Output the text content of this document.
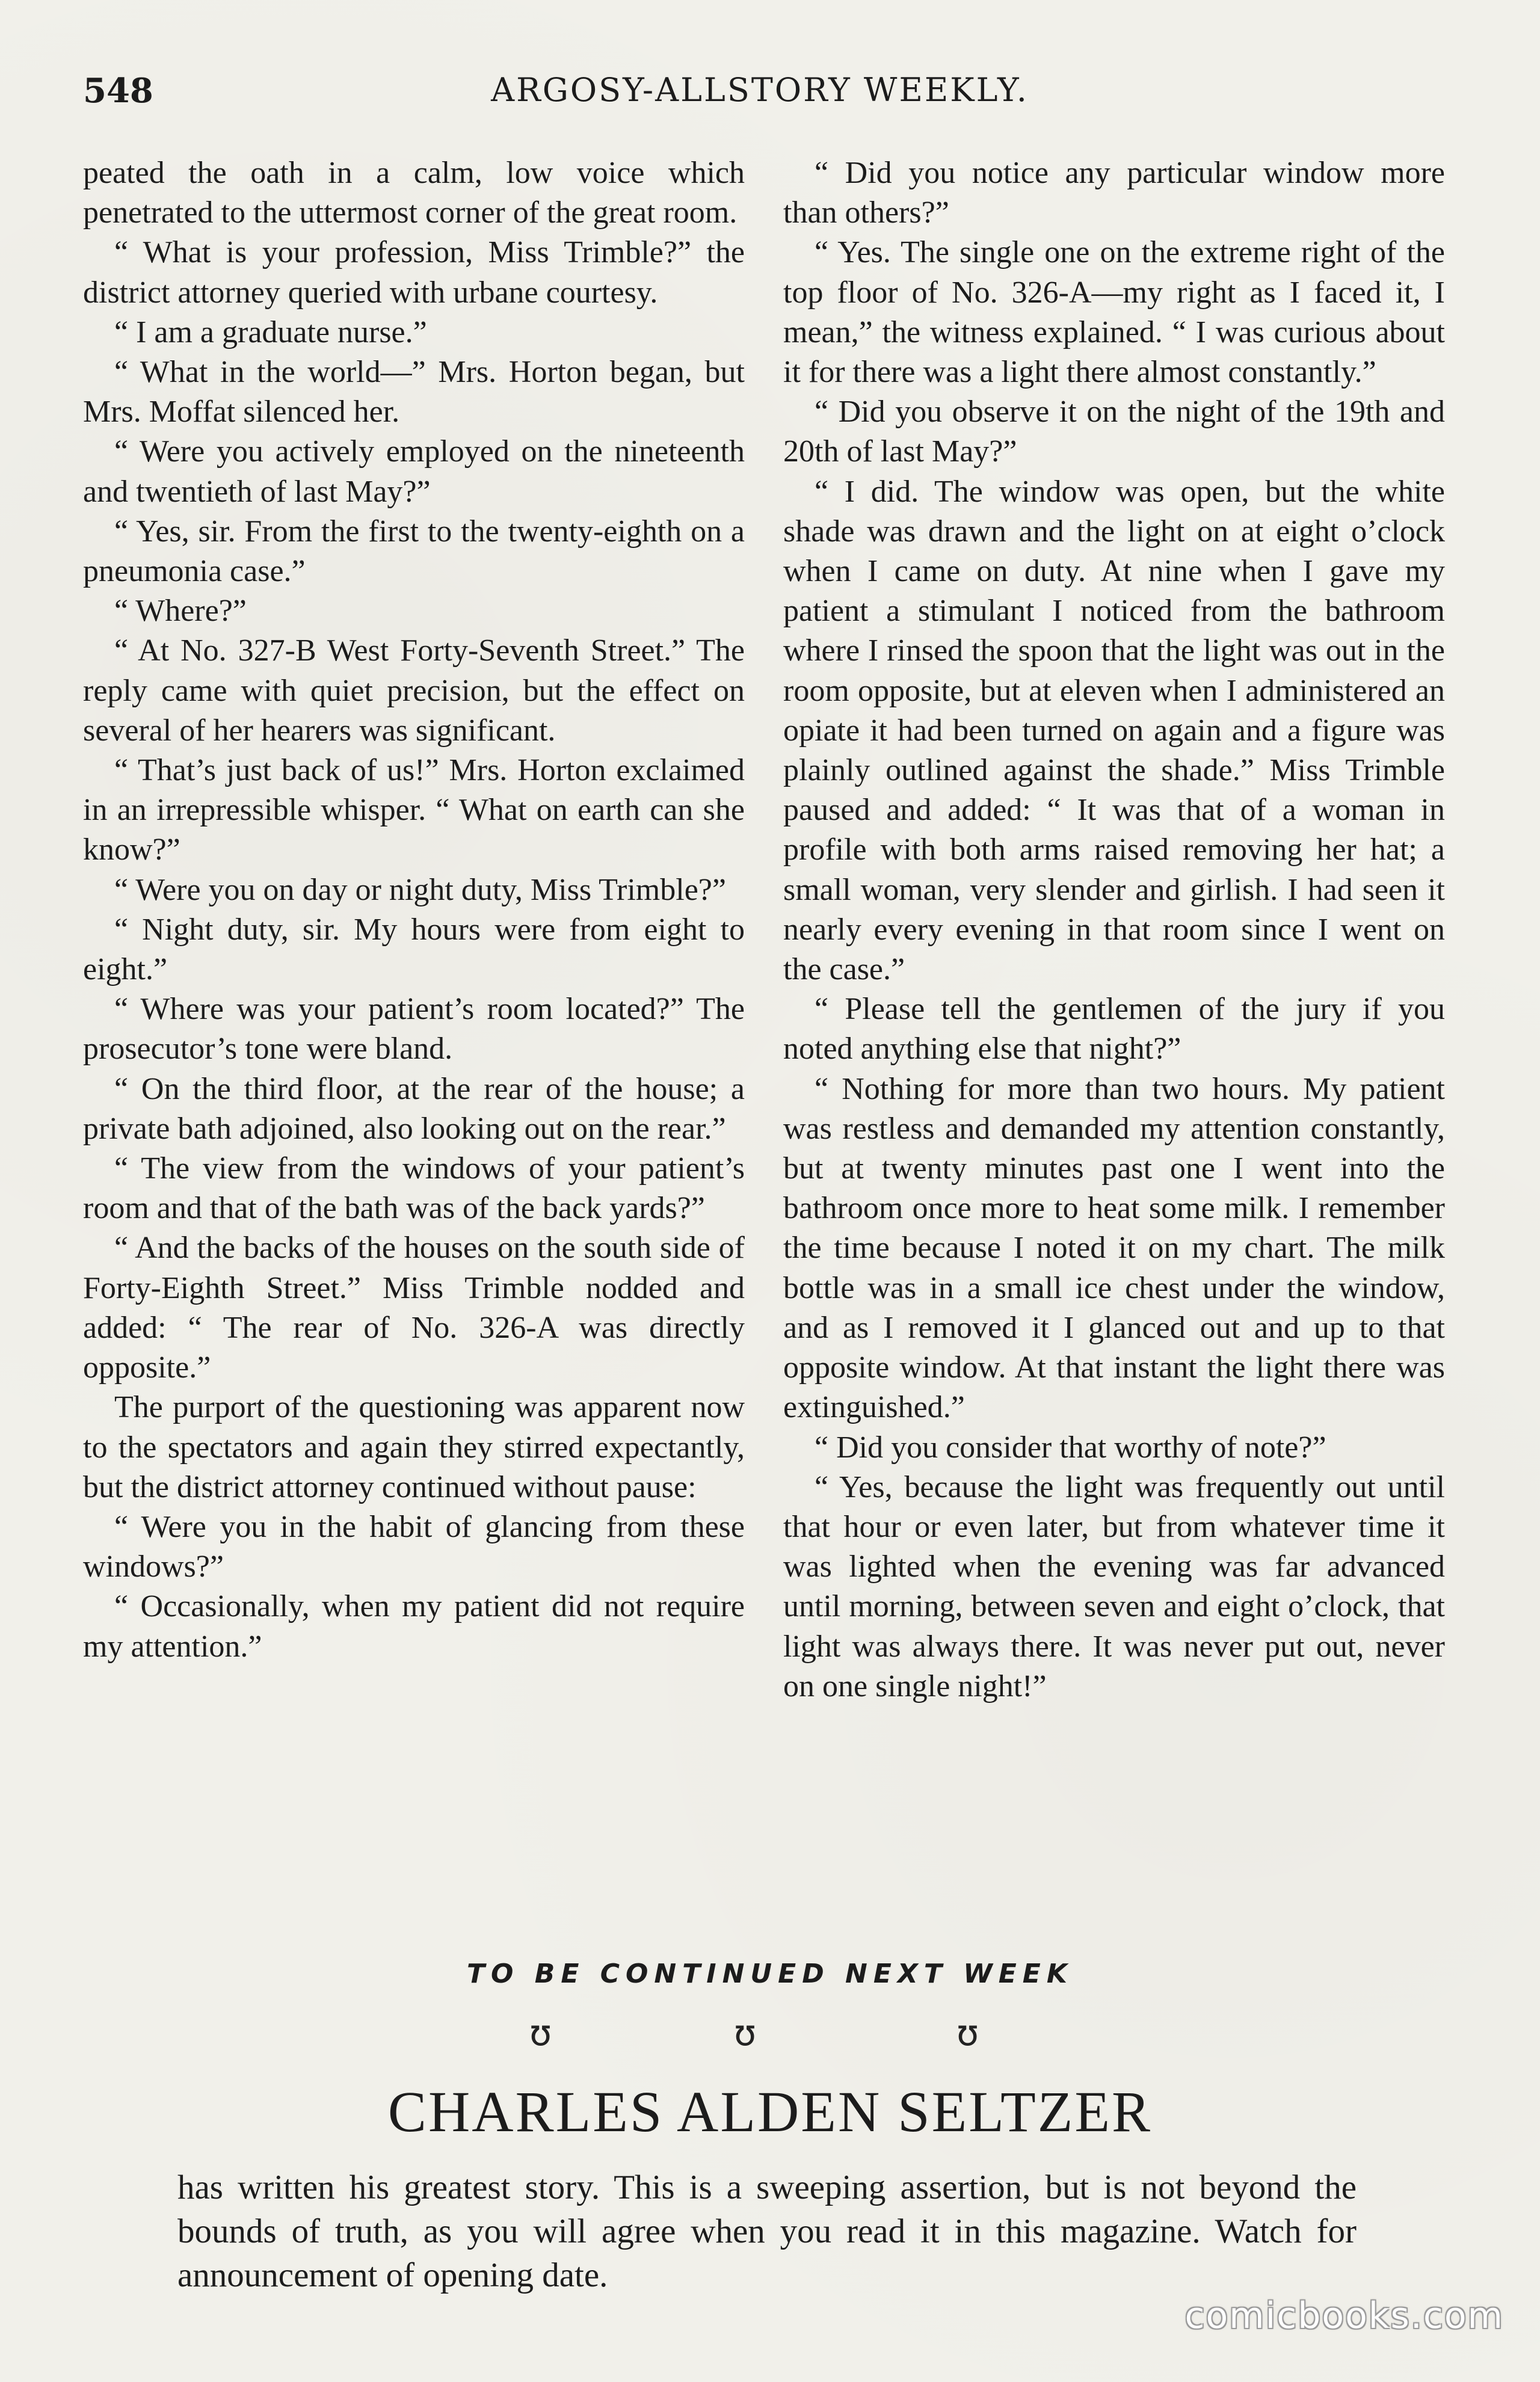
548	ARGOSY-ALLSTORY WEEKLY.

peated the oath in a calm, low voice which penetrated to the uttermost corner of the great room.

“ What is your profession, Miss Trimble?” the district attorney queried with urbane courtesy.

“ I am a graduate nurse.”

“ What in the world—” Mrs. Horton began, but Mrs. Moffat silenced her.

“ Were you actively employed on the nineteenth and twentieth of last May?”

“ Yes, sir. From the first to the twenty-eighth on a pneumonia case.”

“ Where?”

“ At No. 327-B West Forty-Seventh Street.” The reply came with quiet precision, but the effect on several of her hearers was significant.

“ That’s just back of us!” Mrs. Horton exclaimed in an irrepressible whisper. “ What on earth can she know?”

“ Were you on day or night duty, Miss Trimble?”

“ Night duty, sir. My hours were from eight to eight.”

“ Where was your patient’s room located?” The prosecutor’s tone were bland.

“ On the third floor, at the rear of the house; a private bath adjoined, also looking out on the rear.”

“ The view from the windows of your patient’s room and that of the bath was of the back yards?”

“ And the backs of the houses on the south side of Forty-Eighth Street.” Miss Trimble nodded and added: “ The rear of No. 326-A was directly opposite.”

The purport of the questioning was apparent now to the spectators and again they stirred expectantly, but the district attorney continued without pause:

“ Were you in the habit of glancing from these windows?”

“ Occasionally, when my patient did not require my attention.”

“ Did you notice any particular window more than others?”

“ Yes. The single one on the extreme right of the top floor of No. 326-A—my right as I faced it, I mean,” the witness explained. “ I was curious about it for there was a light there almost constantly.”

“ Did you observe it on the night of the 19th and 20th of last May?”

“ I did. The window was open, but the white shade was drawn and the light on at eight o’clock when I came on duty. At nine when I gave my patient a stimulant I noticed from the bathroom where I rinsed the spoon that the light was out in the room opposite, but at eleven when I administered an opiate it had been turned on again and a figure was plainly outlined against the shade.” Miss Trimble paused and added: “ It was that of a woman in profile with both arms raised removing her hat; a small woman, very slender and girlish. I had seen it nearly every evening in that room since I went on the case.”

“ Please tell the gentlemen of the jury if you noted anything else that night?”

“ Nothing for more than two hours. My patient was restless and demanded my attention constantly, but at twenty minutes past one I went into the bathroom once more to heat some milk. I remember the time because I noted it on my chart. The milk bottle was in a small ice chest under the window, and as I removed it I glanced out and up to that opposite window. At that instant the light there was extinguished.”

“ Did you consider that worthy of note?”

“ Yes, because the light was frequently out until that hour or even later, but from whatever time it was lighted when the evening was far advanced until morning, between seven and eight o’clock, that light was always there. It was never put out, never on one single night!”

TO BE CONTINUED NEXT WEEK
ʊ	ʊ
ʊ
CHARLES ALDEN SELTZER
has written his greatest story. This is a sweeping assertion, but is not beyond the bounds of truth, as you will agree when you read it in this magazine. Watch for announcement of opening date.
comicbooks.com
